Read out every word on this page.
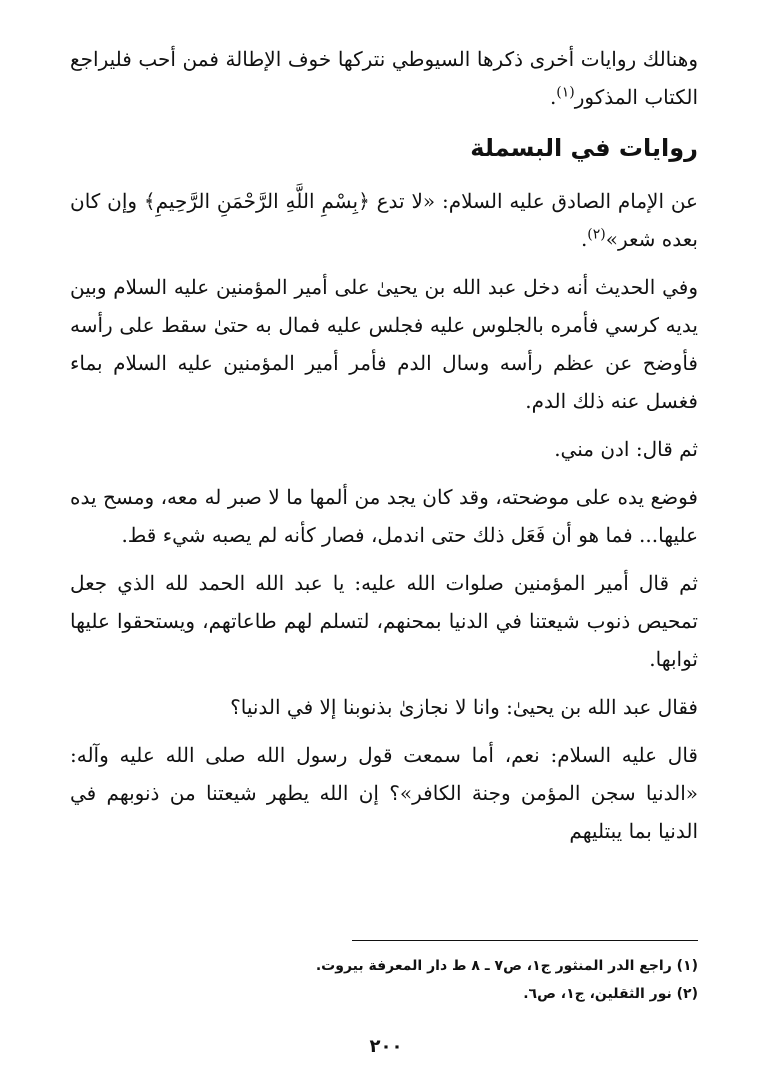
وهنالك روايات أخرى ذكرها السيوطي نتركها خوف الإطالة فمن أحب فليراجع الكتاب المذكور$^{(١)}$.

روايات في البسملة

عن الإمام الصادق عليه السلام: «لا تدع ﴿بِسْمِ اللَّهِ الرَّحْمَنِ الرَّحِيمِ﴾ وإن كان بعده شعر»$^{(٢)}$.

وفي الحديث أنه دخل عبد الله بن يحيىٰ على أمير المؤمنين عليه السلام وبين يديه كرسي فأمره بالجلوس عليه فجلس عليه فمال به حتىٰ سقط على رأسه فأوضح عن عظم رأسه وسال الدم فأمر أمير المؤمنين عليه السلام بماء فغسل عنه ذلك الدم.

ثم قال: ادن مني.

فوضع يده على موضحته، وقد كان يجد من ألمها ما لا صبر له معه، ومسح يده عليها... فما هو أن فَعَل ذلك حتى اندمل، فصار كأنه لم يصبه شيء قط.

ثم قال أمير المؤمنين صلوات الله عليه: يا عبد الله الحمد لله الذي جعل تمحيص ذنوب شيعتنا في الدنيا بمحنهم، لتسلم لهم طاعاتهم، ويستحقوا عليها ثوابها.

فقال عبد الله بن يحيىٰ: وانا لا نجازىٰ بذنوبنا إلا في الدنيا؟

قال عليه السلام: نعم، أما سمعت قول رسول الله صلى الله عليه وآله: «الدنيا سجن المؤمن وجنة الكافر»؟ إن الله يطهر شيعتنا من ذنوبهم في الدنيا بما يبتليهم

(١) راجع الدر المنثور ج١، ص٧ ـ ٨ ط دار المعرفة بيروت.
(٢) نور الثقلين، ج١، ص٦.
٢٠٠
